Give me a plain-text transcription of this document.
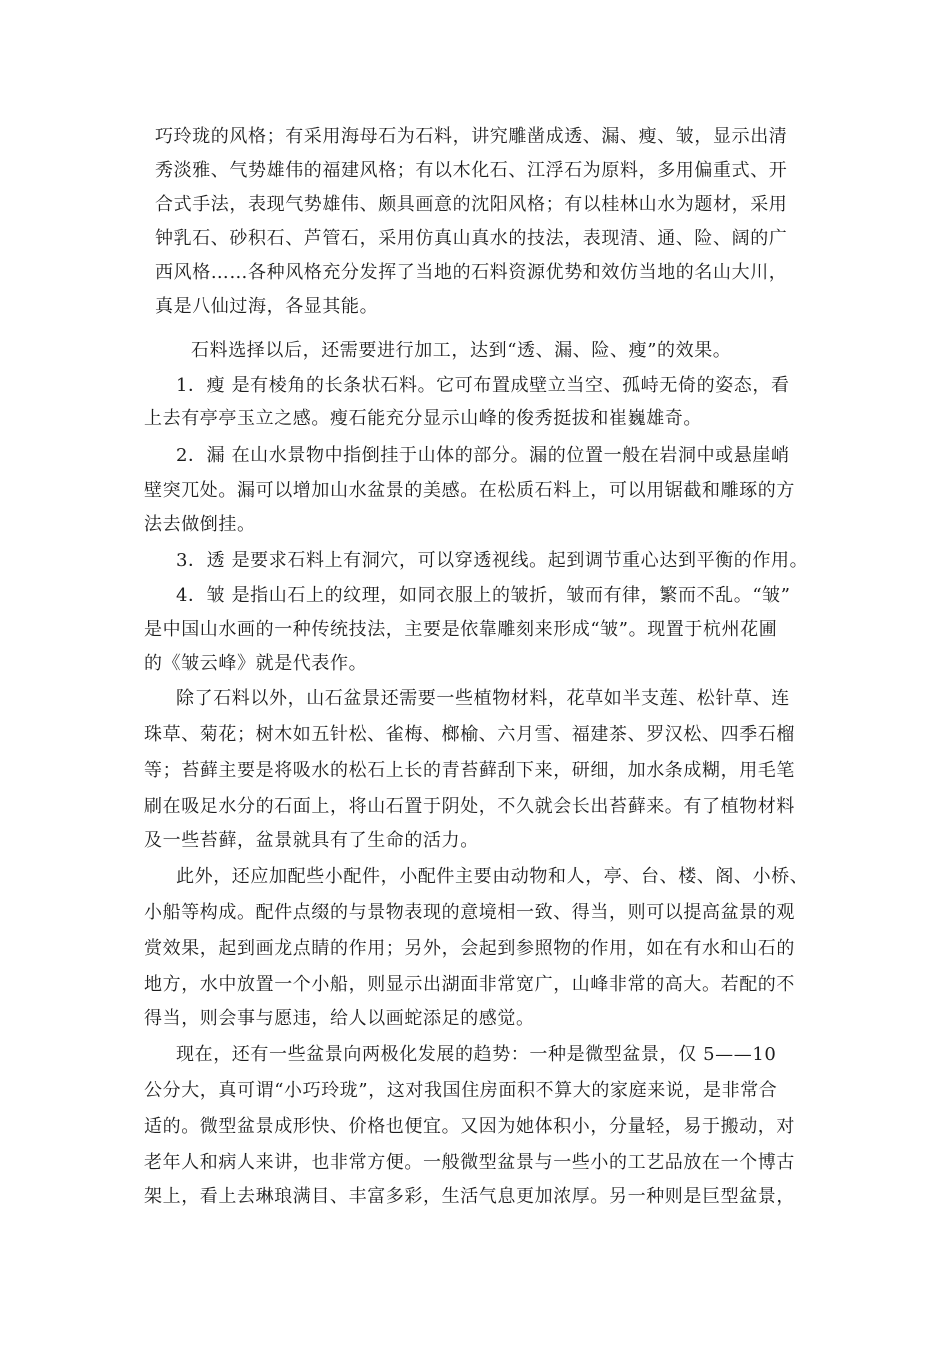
巧玲珑的风格；有采用海母石为石料，讲究雕凿成透、漏、瘦、皱，显示出清
秀淡雅、气势雄伟的福建风格；有以木化石、江浮石为原料，多用偏重式、开
合式手法，表现气势雄伟、颇具画意的沈阳风格；有以桂林山水为题材，采用
钟乳石、砂积石、芦管石，采用仿真山真水的技法，表现清、通、险、阔的广
西风格……各种风格充分发挥了当地的石料资源优势和效仿当地的名山大川，
真是八仙过海，各显其能。
石料选择以后，还需要进行加工，达到“透、漏、险、瘦”的效果。
1．瘦 是有棱角的长条状石料。它可布置成壁立当空、孤峙无倚的姿态，看
上去有亭亭玉立之感。瘦石能充分显示山峰的俊秀挺拔和崔巍雄奇。
2．漏 在山水景物中指倒挂于山体的部分。漏的位置一般在岩洞中或悬崖峭
壁突兀处。漏可以增加山水盆景的美感。在松质石料上，可以用锯截和雕琢的方
法去做倒挂。
3．透 是要求石料上有洞穴，可以穿透视线。起到调节重心达到平衡的作用。
4．皱 是指山石上的纹理，如同衣服上的皱折，皱而有律，繁而不乱。“皱”
是中国山水画的一种传统技法，主要是依靠雕刻来形成“皱”。现置于杭州花圃
的《皱云峰》就是代表作。
除了石料以外，山石盆景还需要一些植物材料，花草如半支莲、松针草、连
珠草、菊花；树木如五针松、雀梅、榔榆、六月雪、福建茶、罗汉松、四季石榴
等；苔藓主要是将吸水的松石上长的青苔藓刮下来，研细，加水条成糊，用毛笔
刷在吸足水分的石面上，将山石置于阴处，不久就会长出苔藓来。有了植物材料
及一些苔藓，盆景就具有了生命的活力。
此外，还应加配些小配件，小配件主要由动物和人，亭、台、楼、阁、小桥、
小船等构成。配件点缀的与景物表现的意境相一致、得当，则可以提高盆景的观
赏效果，起到画龙点睛的作用；另外，会起到参照物的作用，如在有水和山石的
地方，水中放置一个小船，则显示出湖面非常宽广，山峰非常的高大。若配的不
得当，则会事与愿违，给人以画蛇添足的感觉。
现在，还有一些盆景向两极化发展的趋势：一种是微型盆景，仅 5——10
公分大，真可谓“小巧玲珑”，这对我国住房面积不算大的家庭来说，是非常合
适的。微型盆景成形快、价格也便宜。又因为她体积小，分量轻，易于搬动，对
老年人和病人来讲，也非常方便。一般微型盆景与一些小的工艺品放在一个博古
架上，看上去琳琅满目、丰富多彩，生活气息更加浓厚。另一种则是巨型盆景，
